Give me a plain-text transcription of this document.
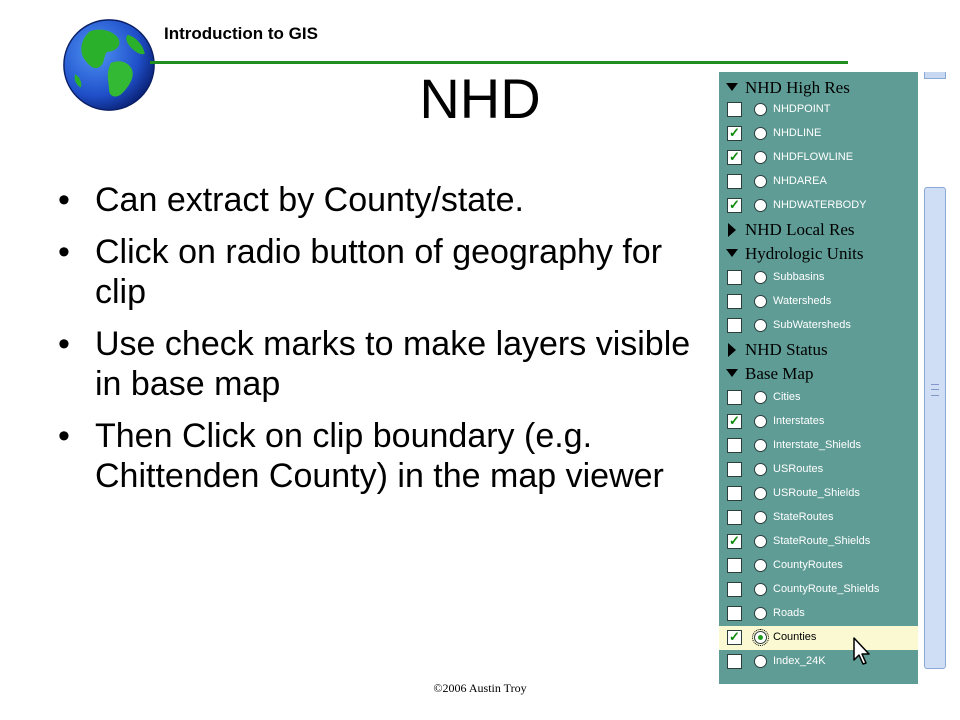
Introduction to GIS
NHD
• Can extract by County/state.
• Click on radio button of geography for clip
• Use check marks to make layers visible in base map
• Then Click on clip boundary (e.g. Chittenden County) in the map viewer
©2006 Austin Troy
NHD High Res
NHDPOINT
✓	NHDLINE
✓	NHDFLOWLINE
NHDAREA
✓	NHDWATERBODY
NHD Local Res
Hydrologic Units
Subbasins
Watersheds
SubWatersheds
NHD Status
Base Map
Cities
✓	Interstates
Interstate_Shields
USRoutes
USRoute_Shields
StateRoutes
✓	StateRoute_Shields
CountyRoutes
CountyRoute_Shields
Roads
✓	Counties
Index_24K
